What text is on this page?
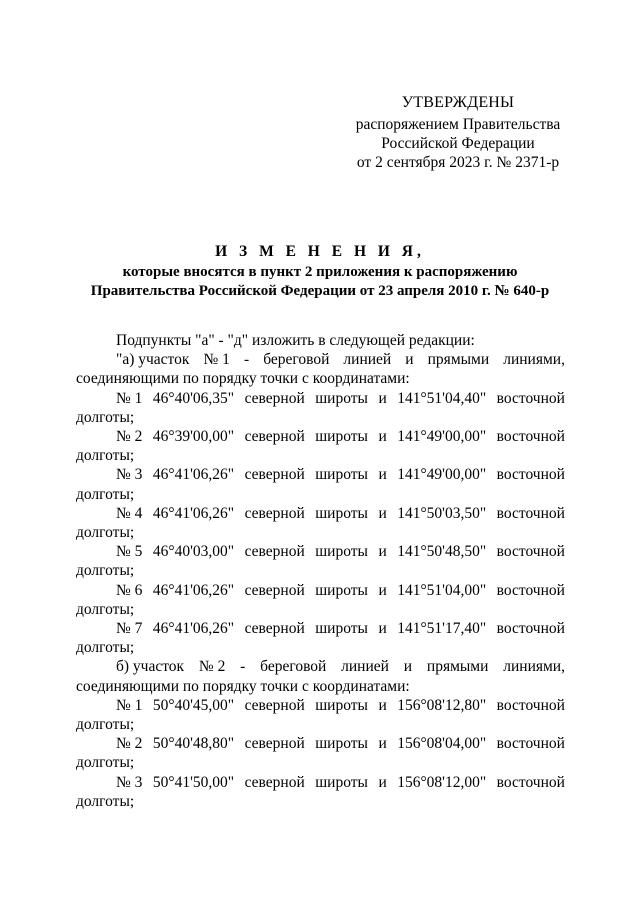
УТВЕРЖДЕНЫ
распоряжением Правительства
Российской Федерации
от 2 сентября 2023 г. № 2371-р
И З М Е Н Е Н И Я,
которые вносятся в пункт 2 приложения к распоряжению
Правительства Российской Федерации от 23 апреля 2010 г. № 640-р
Подпункты "а" - "д" изложить в следующей редакции:
"а) участок № 1 - береговой линией и прямыми линиями,
соединяющими по порядку точки с координатами:
№ 1 46°40'06,35" северной широты и 141°51'04,40" восточной
долготы;
№ 2 46°39'00,00" северной широты и 141°49'00,00" восточной
долготы;
№ 3 46°41'06,26" северной широты и 141°49'00,00" восточной
долготы;
№ 4 46°41'06,26" северной широты и 141°50'03,50" восточной
долготы;
№ 5 46°40'03,00" северной широты и 141°50'48,50" восточной
долготы;
№ 6 46°41'06,26" северной широты и 141°51'04,00" восточной
долготы;
№ 7 46°41'06,26" северной широты и 141°51'17,40" восточной
долготы;
б) участок № 2 - береговой линией и прямыми линиями,
соединяющими по порядку точки с координатами:
№ 1 50°40'45,00" северной широты и 156°08'12,80" восточной
долготы;
№ 2 50°40'48,80" северной широты и 156°08'04,00" восточной
долготы;
№ 3 50°41'50,00" северной широты и 156°08'12,00" восточной
долготы;
